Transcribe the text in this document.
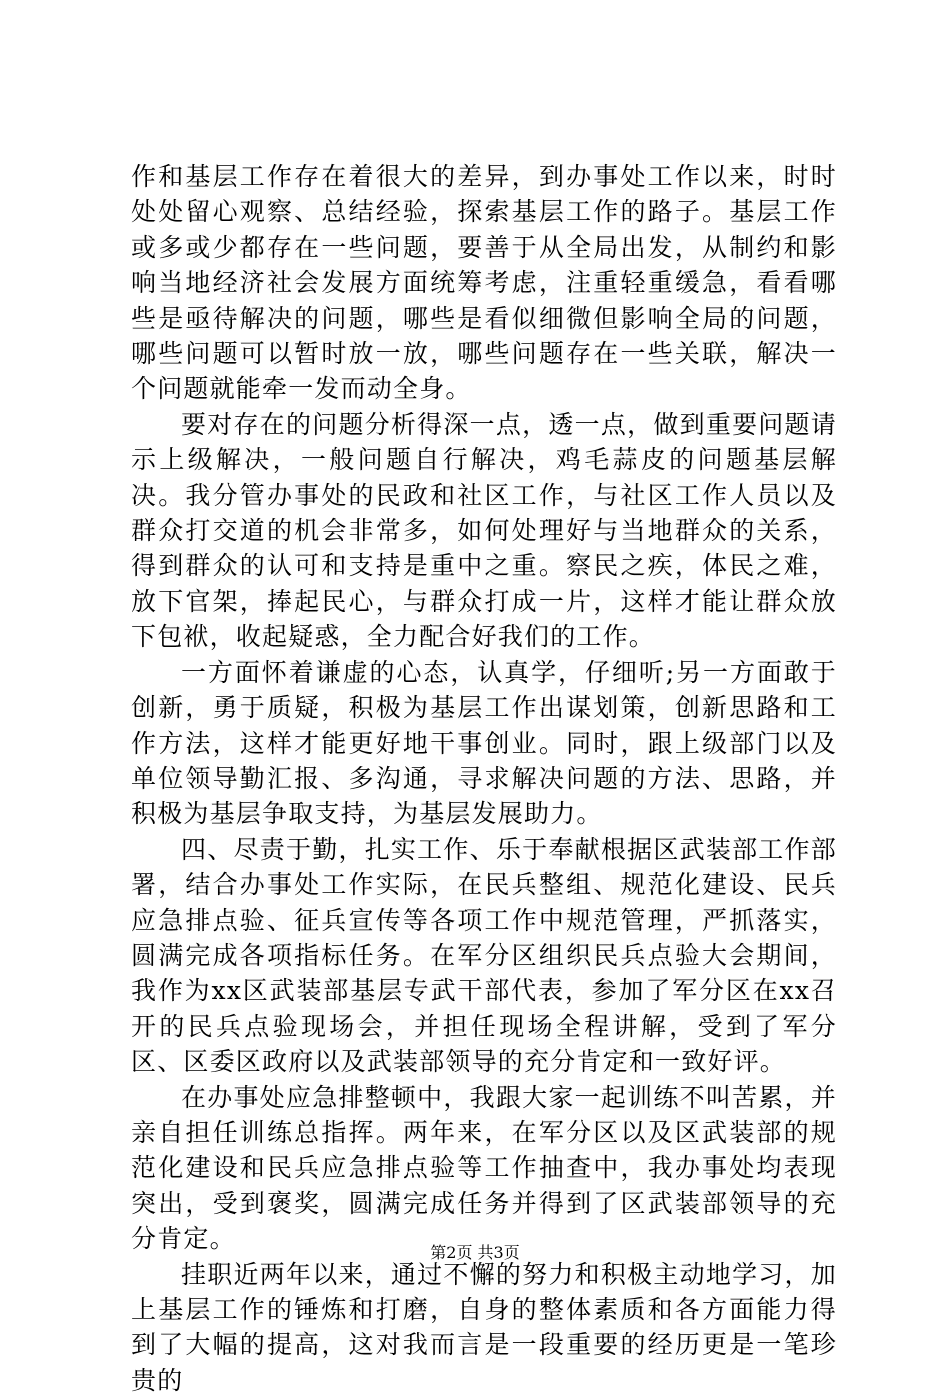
作和基层工作存在着很大的差异，到办事处工作以来，时时处处留心观察、总结经验，探索基层工作的路子。基层工作或多或少都存在一些问题，要善于从全局出发，从制约和影响当地经济社会发展方面统筹考虑，注重轻重缓急，看看哪些是亟待解决的问题，哪些是看似细微但影响全局的问题，哪些问题可以暂时放一放，哪些问题存在一些关联，解决一个问题就能牵一发而动全身。

要对存在的问题分析得深一点，透一点，做到重要问题请示上级解决，一般问题自行解决，鸡毛蒜皮的问题基层解决。我分管办事处的民政和社区工作，与社区工作人员以及群众打交道的机会非常多，如何处理好与当地群众的关系，得到群众的认可和支持是重中之重。察民之疾，体民之难，放下官架，捧起民心，与群众打成一片，这样才能让群众放下包袱，收起疑惑，全力配合好我们的工作。

一方面怀着谦虚的心态，认真学，仔细听;另一方面敢于创新，勇于质疑，积极为基层工作出谋划策，创新思路和工作方法，这样才能更好地干事创业。同时，跟上级部门以及单位领导勤汇报、多沟通，寻求解决问题的方法、思路，并积极为基层争取支持，为基层发展助力。

四、尽责于勤，扎实工作、乐于奉献根据区武装部工作部署，结合办事处工作实际，在民兵整组、规范化建设、民兵应急排点验、征兵宣传等各项工作中规范管理，严抓落实，圆满完成各项指标任务。在军分区组织民兵点验大会期间，我作为xx区武装部基层专武干部代表，参加了军分区在xx召开的民兵点验现场会，并担任现场全程讲解，受到了军分区、区委区政府以及武装部领导的充分肯定和一致好评。

在办事处应急排整顿中，我跟大家一起训练不叫苦累，并亲自担任训练总指挥。两年来，在军分区以及区武装部的规范化建设和民兵应急排点验等工作抽查中，我办事处均表现突出，受到褒奖，圆满完成任务并得到了区武装部领导的充分肯定。

挂职近两年以来，通过不懈的努力和积极主动地学习，加上基层工作的锤炼和打磨，自身的整体素质和各方面能力得到了大幅的提高，这对我而言是一段重要的经历更是一笔珍贵的

第2页 共3页
